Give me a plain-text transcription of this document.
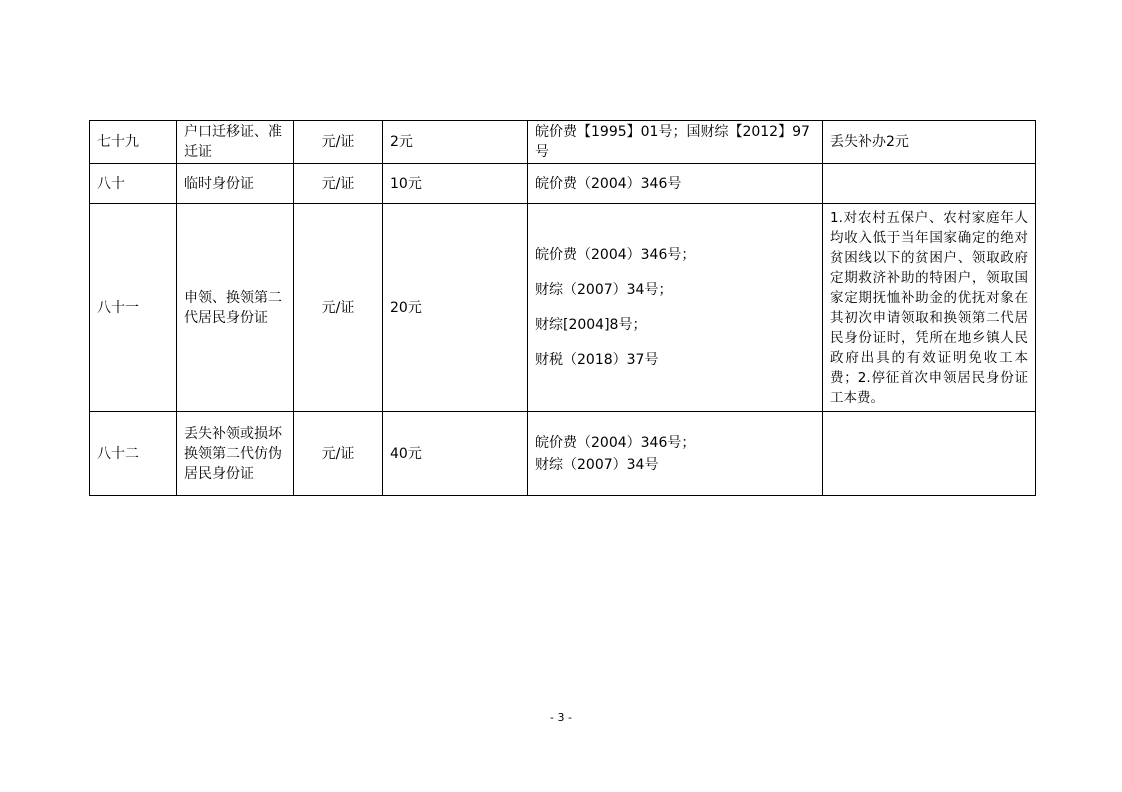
七十九	户口迁移证、准迁证	元/证	2元	皖价费【1995】01号；国财综【2012】97号	丢失补办2元
八十	临时身份证	元/证	10元	皖价费（2004）346号	
八十一	申领、换领第二代居民身份证	元/证	20元	皖价费（2004）346号；
财综（2007）34号；
财综[2004]8号；
财税（2018）37号	1.对农村五保户、农村家庭年人均收入低于当年国家确定的绝对贫困线以下的贫困户、领取政府定期救济补助的特困户，领取国家定期抚恤补助金的优抚对象在其初次申请领取和换领第二代居民身份证时，凭所在地乡镇人民政府出具的有效证明免收工本费；2.停征首次申领居民身份证工本费。

八十二	丢失补领或损坏换领第二代仿伪居民身份证	元/证	40元	皖价费（2004）346号；
财综（2007）34号	

- 3 -
